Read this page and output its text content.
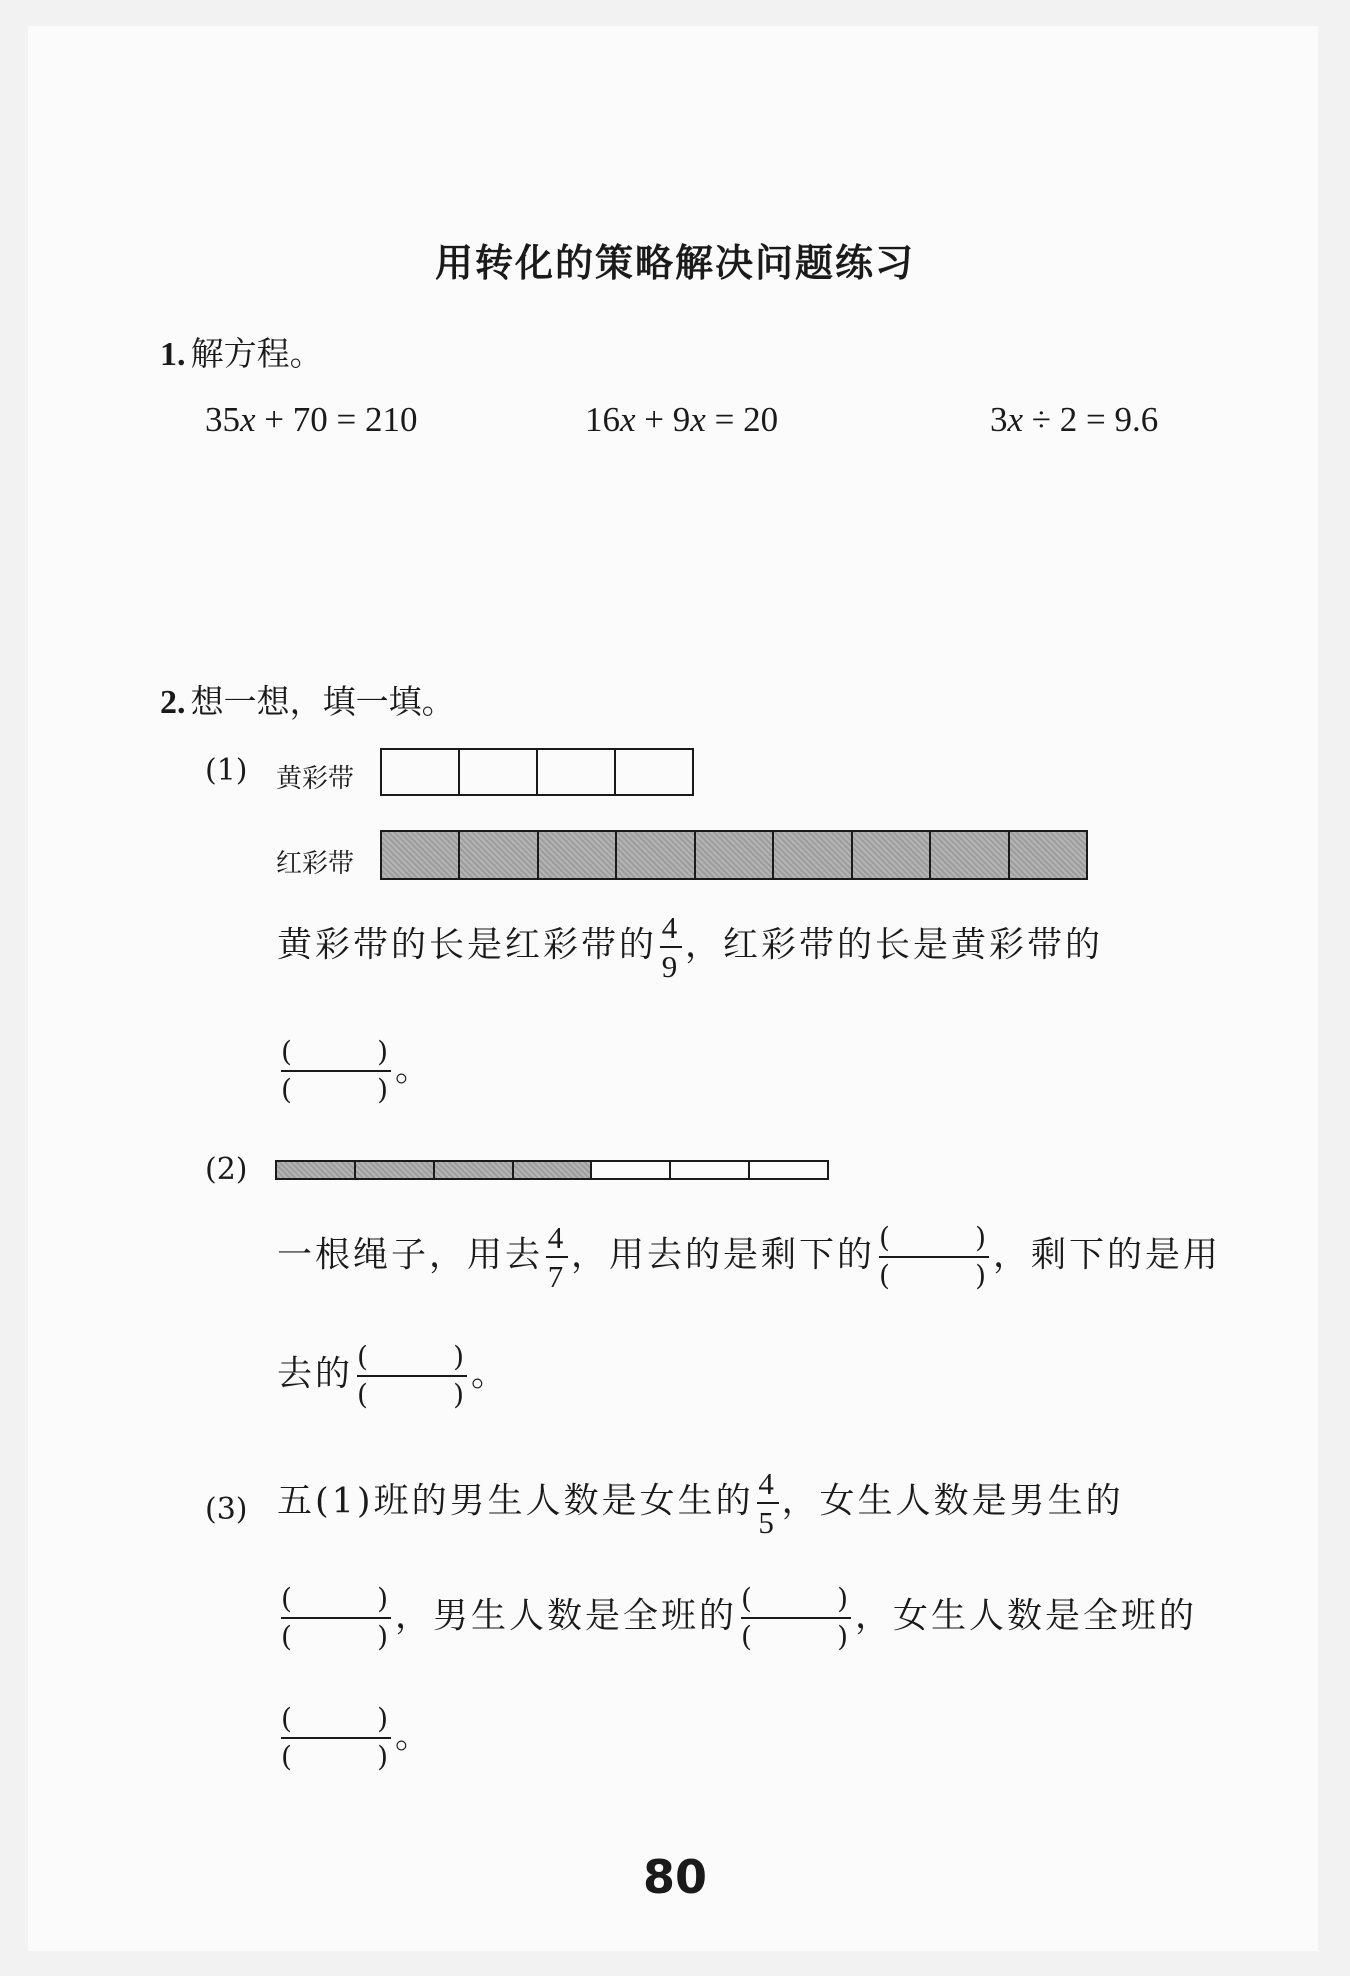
用转化的策略解决问题练习
1. 解方程。
35x + 70 = 210	16x + 9x = 20	3x ÷ 2 = 9.6
2. 想一想，填一填。
(1) 黄彩带
红彩带
黄彩带的长是红彩带的 $\frac{4}{9}$ ，红彩带的长是黄彩带的
(	)
(	) 。
(2)
一根绳子，用去 $\frac{4}{7}$ ，用去的是剩下的 (	)
(	) ，剩下的是用
去的 (	)
(	) 。
(3) 五(1)班的男生人数是女生的 $\frac{4}{5}$ ，女生人数是男生的
(	)
(	) ，男生人数是全班的 (	)
(	) ，女生人数是全班的
(	)
(	) 。
80
